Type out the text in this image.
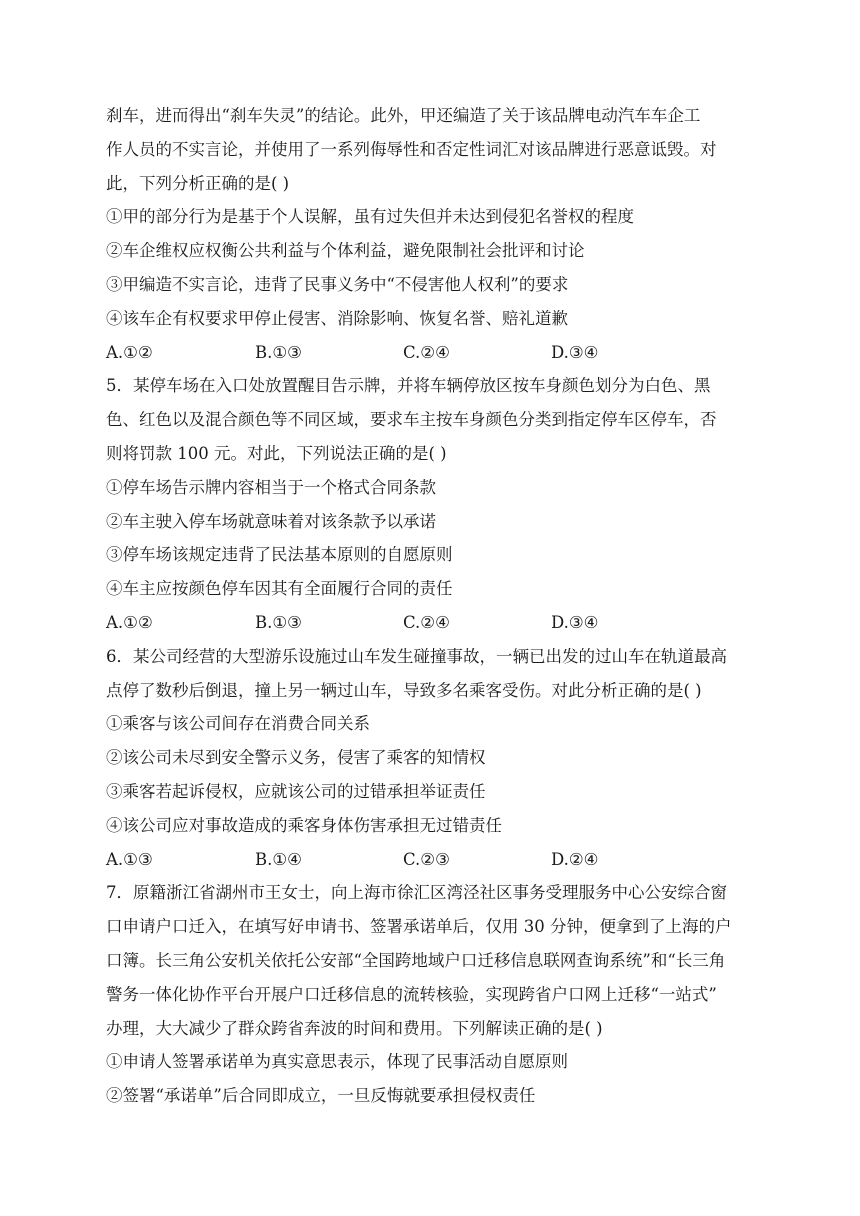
刹车，进而得出“刹车失灵”的结论。此外，甲还编造了关于该品牌电动汽车车企工

作人员的不实言论，并使用了一系列侮辱性和否定性词汇对该品牌进行恶意诋毁。对

此，下列分析正确的是( )

①甲的部分行为是基于个人误解，虽有过失但并未达到侵犯名誉权的程度

②车企维权应权衡公共利益与个体利益，避免限制社会批评和讨论

③甲编造不实言论，违背了民事义务中“不侵害他人权利”的要求

④该车企有权要求甲停止侵害、消除影响、恢复名誉、赔礼道歉

A.①②	B.①③	C.②④	D.③④

5．某停车场在入口处放置醒目告示牌，并将车辆停放区按车身颜色划分为白色、黑

色、红色以及混合颜色等不同区域，要求车主按车身颜色分类到指定停车区停车，否

则将罚款 100 元。对此，下列说法正确的是( )

①停车场告示牌内容相当于一个格式合同条款

②车主驶入停车场就意味着对该条款予以承诺

③停车场该规定违背了民法基本原则的自愿原则

④车主应按颜色停车因其有全面履行合同的责任

A.①②	B.①③	C.②④	D.③④

6．某公司经营的大型游乐设施过山车发生碰撞事故，一辆已出发的过山车在轨道最高

点停了数秒后倒退，撞上另一辆过山车，导致多名乘客受伤。对此分析正确的是( )

①乘客与该公司间存在消费合同关系

②该公司未尽到安全警示义务，侵害了乘客的知情权

③乘客若起诉侵权，应就该公司的过错承担举证责任

④该公司应对事故造成的乘客身体伤害承担无过错责任

A.①③	B.①④	C.②③	D.②④

7．原籍浙江省湖州市王女士，向上海市徐汇区湾泾社区事务受理服务中心公安综合窗

口申请户口迁入，在填写好申请书、签署承诺单后，仅用 30 分钟，便拿到了上海的户

口簿。长三角公安机关依托公安部“全国跨地域户口迁移信息联网查询系统”和“长三角

警务一体化协作平台开展户口迁移信息的流转核验，实现跨省户口网上迁移“一站式”

办理，大大减少了群众跨省奔波的时间和费用。下列解读正确的是( )

①申请人签署承诺单为真实意思表示，体现了民事活动自愿原则

②签署“承诺单”后合同即成立，一旦反悔就要承担侵权责任
